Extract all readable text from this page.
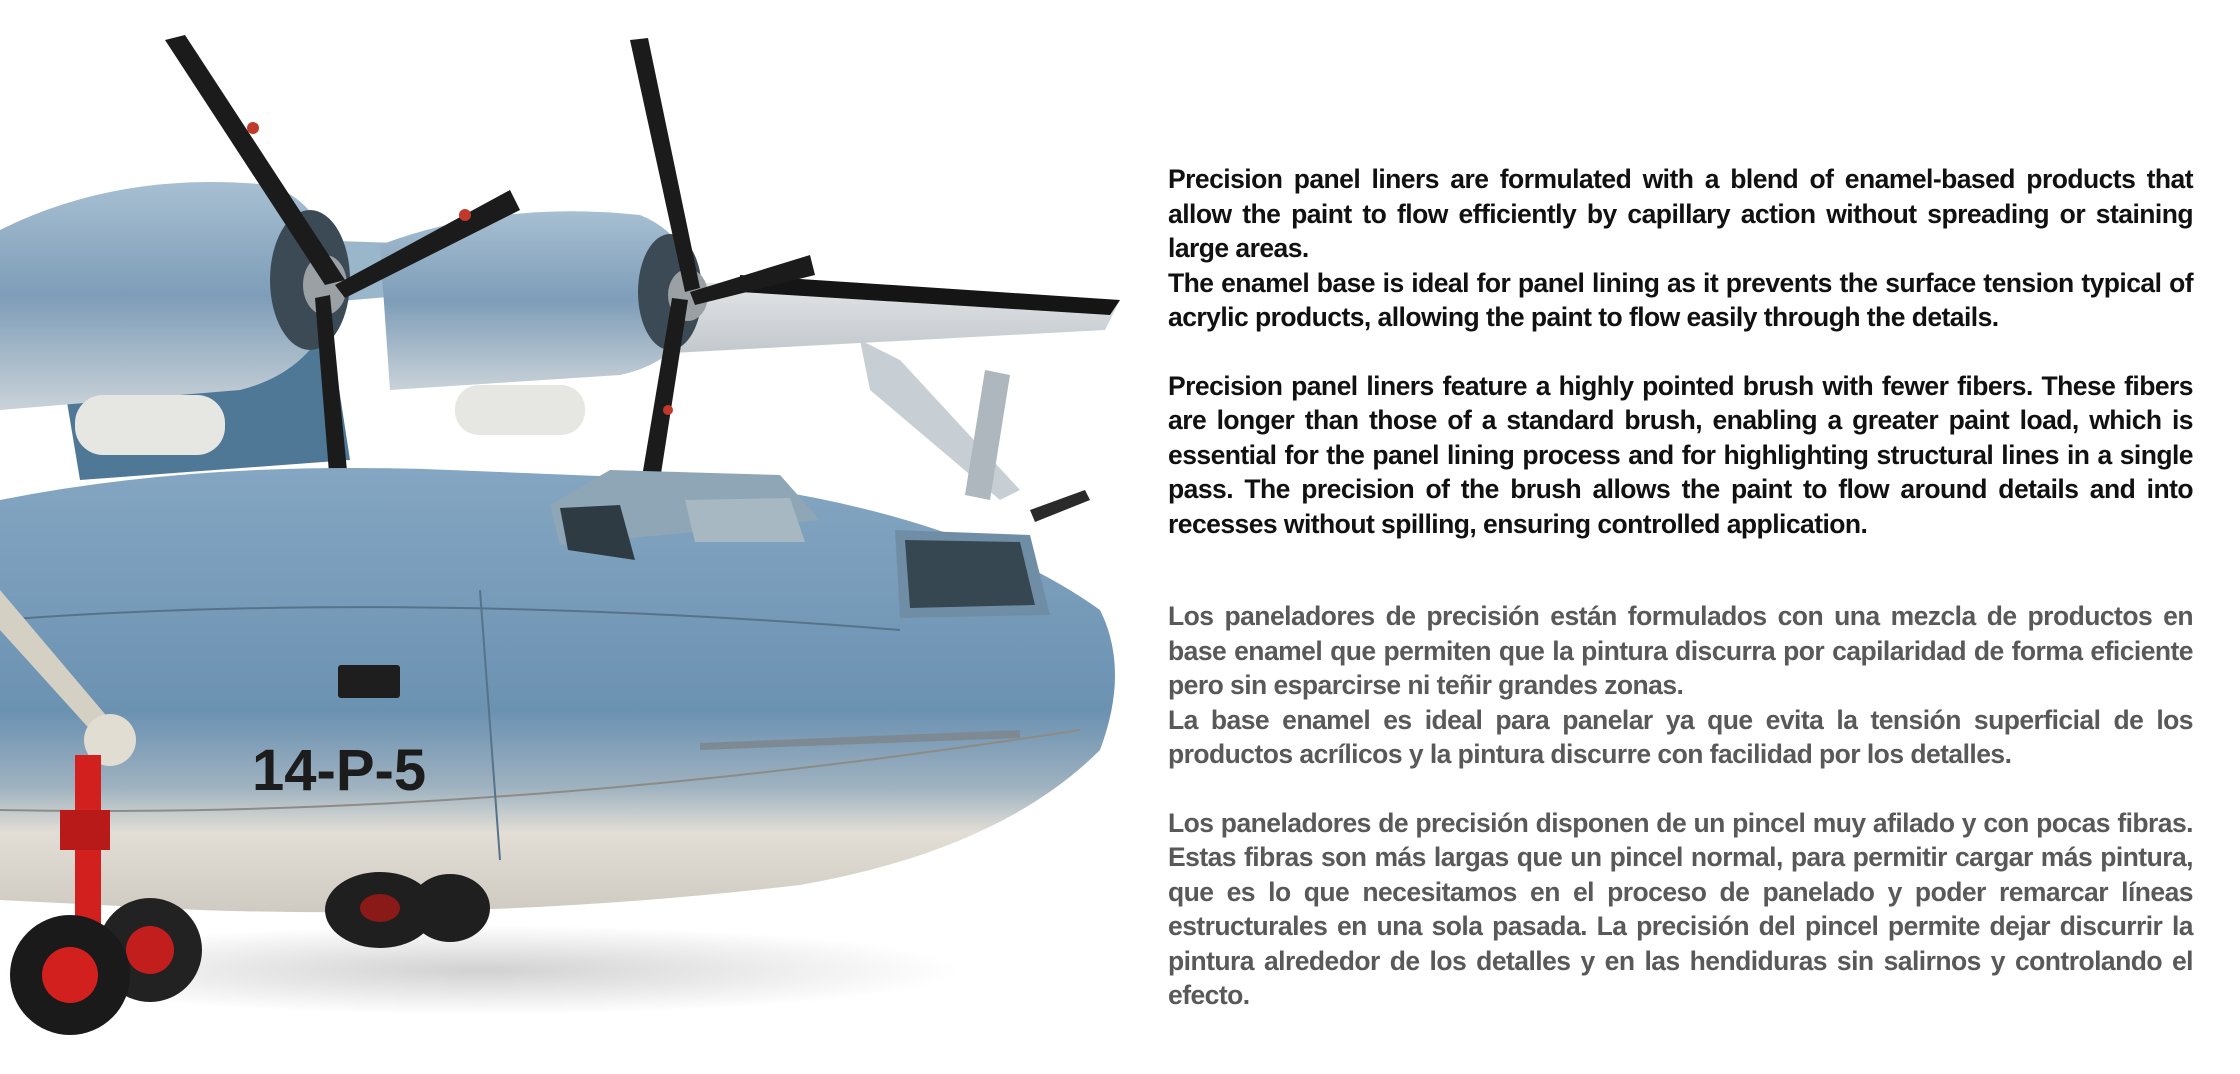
14-P-5

Precision panel liners are formulated with a blend of enamel-based products that allow the paint to flow efficiently by capillary action without spreading or staining large areas.

The enamel base is ideal for panel lining as it prevents the surface tension typical of acrylic products, allowing the paint to flow easily through the details.

Precision panel liners feature a highly pointed brush with fewer fibers. These fibers are longer than those of a standard brush, enabling a greater paint load, which is essential for the panel lining process and for highlighting structural lines in a single pass. The precision of the brush allows the paint to flow around details and into recesses without spilling, ensuring controlled application.

Los paneladores de precisión están formulados con una mezcla de productos en base enamel que permiten que la pintura discurra por capilaridad de forma eficiente pero sin esparcirse ni teñir grandes zonas.

La base enamel es ideal para panelar ya que evita la tensión superficial de los productos acrílicos y la pintura discurre con facilidad por los detalles.

Los paneladores de precisión disponen de un pincel muy afilado y con pocas fibras. Estas fibras son más largas que un pincel normal, para permitir cargar más pintura, que es lo que necesitamos en el proceso de panelado y poder remarcar líneas estructurales en una sola pasada. La precisión del pincel permite dejar discurrir la pintura alrededor de los detalles y en las hendiduras sin salirnos y controlando el efecto.
